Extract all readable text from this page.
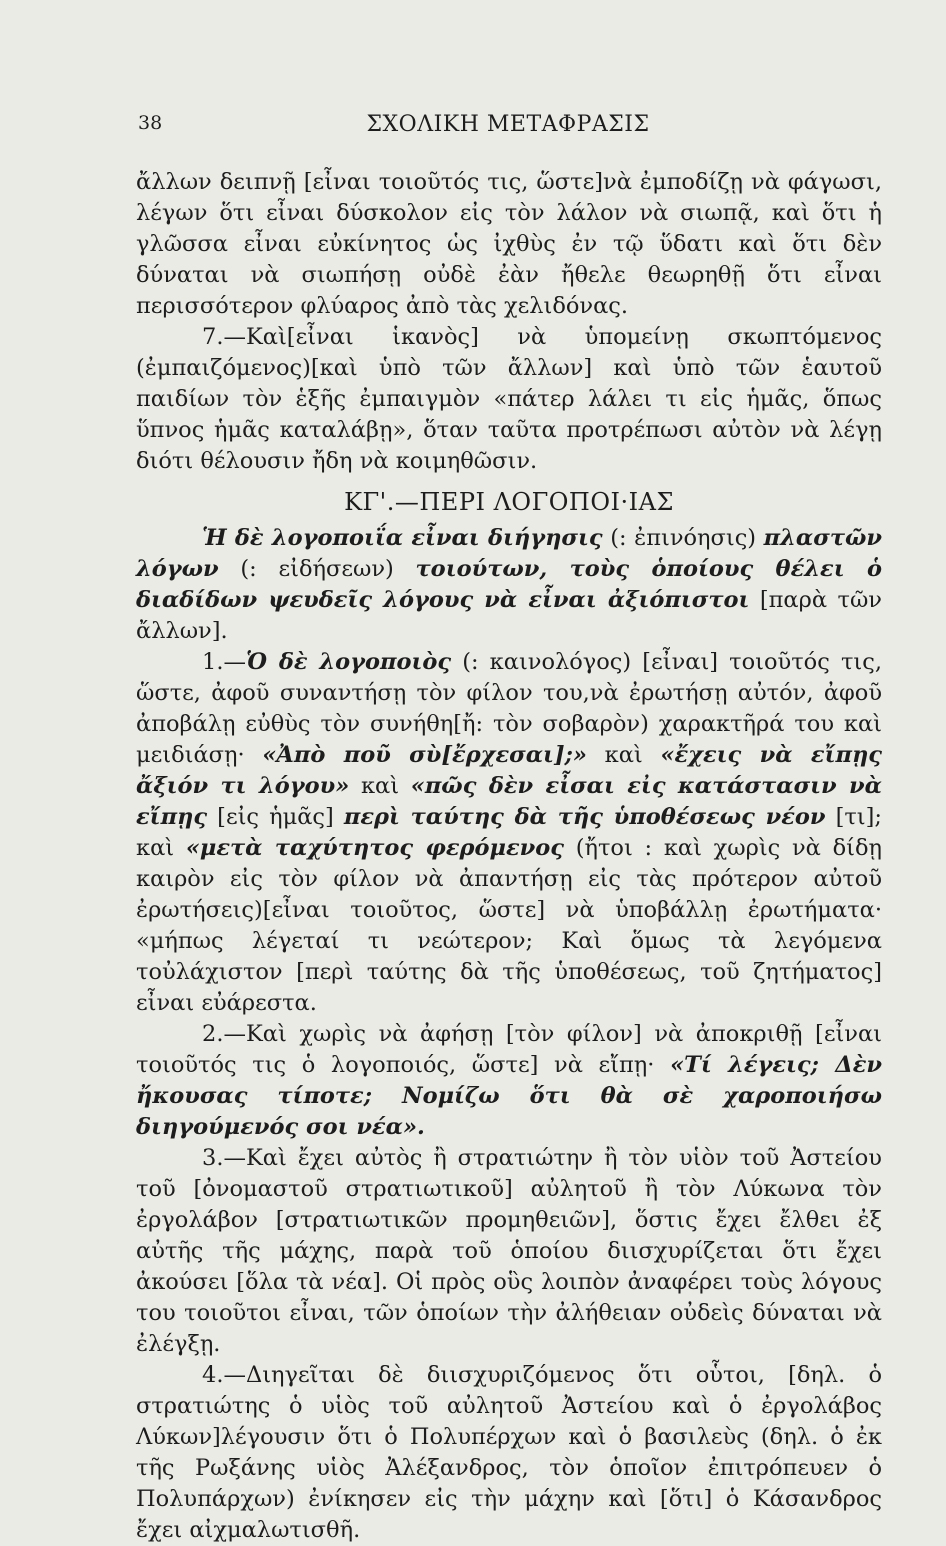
38	ΣΧΟΛΙΚΗ ΜΕΤΑΦΡΑΣΙΣ

ἄλλων δειπνῇ [εἶναι τοιοῦτός τις, ὥστε]νὰ ἐμποδίζῃ νὰ φάγωσι, λέγων ὅτι εἶναι δύσκολον εἰς τὸν λάλον νὰ σιωπᾷ, καὶ ὅτι ἡ γλῶσσα εἶναι εὐκίνητος ὡς ἰχθὺς ἐν τῷ ὕδατι καὶ ὅτι δὲν δύναται νὰ σιωπήσῃ οὐδὲ ἐὰν ἤθελε θεωρηθῇ ὅτι εἶναι περισσότερον φλύαρος ἀπὸ τὰς χελιδόνας.

7.—Καὶ[εἶναι ἱκανὸς] νὰ ὑπομείνῃ σκωπτόμενος (ἐμπαιζόμενος)[καὶ ὑπὸ τῶν ἄλλων] καὶ ὑπὸ τῶν ἑαυτοῦ παιδίων τὸν ἑξῆς ἐμπαιγμὸν «πάτερ λάλει τι εἰς ἡμᾶς, ὅπως ὕπνος ἡμᾶς καταλάβῃ», ὅταν ταῦτα προτρέπωσι αὐτὸν νὰ λέγῃ διότι θέλουσιν ἤδη νὰ κοιμηθῶσιν.

ΚΓ'.—ΠΕΡΙ ΛΟΓΟΠΟΙ·ΙΑΣ

Ἡ δὲ λογοποιΐα εἶναι διήγησις (: ἐπινόησις) πλαστῶν λόγων (: εἰδήσεων) τοιούτων, τοὺς ὁποίους θέλει ὁ διαδίδων ψευδεῖς λόγους νὰ εἶναι ἀξιόπιστοι [παρὰ τῶν ἄλλων].

1.—Ὁ δὲ λογοποιὸς (: καινολόγος) [εἶναι] τοιοῦτός τις, ὥστε, ἀφοῦ συναντήσῃ τὸν φίλον του,νὰ ἐρωτήσῃ αὐτόν, ἀφοῦ ἀποβάλῃ εὐθὺς τὸν συνήθη[ἤ: τὸν σοβαρὸν) χαρακτῆρά του καὶ μειδιάσῃ· «Ἀπὸ ποῦ σὺ[ἔρχεσαι];» καὶ «ἔχεις νὰ εἴπῃς ἄξιόν τι λόγου» καὶ «πῶς δὲν εἶσαι εἰς κατάστασιν νὰ εἴπῃς [εἰς ἡμᾶς] περὶ ταύτης δὰ τῆς ὑποθέσεως νέον [τι]; καὶ «μετὰ ταχύτητος φερόμενος (ἤτοι : καὶ χωρὶς νὰ δίδῃ καιρὸν εἰς τὸν φίλον νὰ ἀπαντήσῃ εἰς τὰς πρότερον αὐτοῦ ἐρωτήσεις)[εἶναι τοιοῦτος, ὥστε] νὰ ὑποβάλλῃ ἐρωτήματα· «μήπως λέγεταί τι νεώτερον; Καὶ ὅμως τὰ λεγόμενα τοὐλάχιστον [περὶ ταύτης δὰ τῆς ὑποθέσεως, τοῦ ζητήματος] εἶναι εὐάρεστα.

2.—Καὶ χωρὶς νὰ ἀφήσῃ [τὸν φίλον] νὰ ἀποκριθῇ [εἶναι τοιοῦτός τις ὁ λογοποιός, ὥστε] νὰ εἴπῃ· «Τί λέγεις; Δὲν ἤκουσας τίποτε; Νομίζω ὅτι θὰ σὲ χαροποιήσω διηγούμενός σοι νέα».

3.—Καὶ ἔχει αὐτὸς ἢ στρατιώτην ἢ τὸν υἱὸν τοῦ Ἀστείου τοῦ [ὀνομαστοῦ στρατιωτικοῦ] αὐλητοῦ ἢ τὸν Λύκωνα τὸν ἐργολάβον [στρατιωτικῶν προμηθειῶν], ὅστις ἔχει ἔλθει ἐξ αὐτῆς τῆς μάχης, παρὰ τοῦ ὁποίου διισχυρίζεται ὅτι ἔχει ἀκούσει [ὅλα τὰ νέα]. Οἱ πρὸς οὓς λοιπὸν ἀναφέρει τοὺς λόγους του τοιοῦτοι εἶναι, τῶν ὁποίων τὴν ἀλήθειαν οὐδεὶς δύναται νὰ ἐλέγξῃ.

4.—Διηγεῖται δὲ διισχυριζόμενος ὅτι οὗτοι, [δηλ. ὁ στρατιώτης ὁ υἱὸς τοῦ αὐλητοῦ Ἀστείου καὶ ὁ ἐργολάβος Λύκων]λέγουσιν ὅτι ὁ Πολυπέρχων καὶ ὁ βασιλεὺς (δηλ. ὁ ἐκ τῆς Ρωξάνης υἱὸς Ἀλέξανδρος, τὸν ὁποῖον ἐπιτρόπευεν ὁ Πολυπάρχων) ἐνίκησεν εἰς τὴν μάχην καὶ [ὅτι] ὁ Κάσανδρος ἔχει αἰχμαλωτισθῆ.
